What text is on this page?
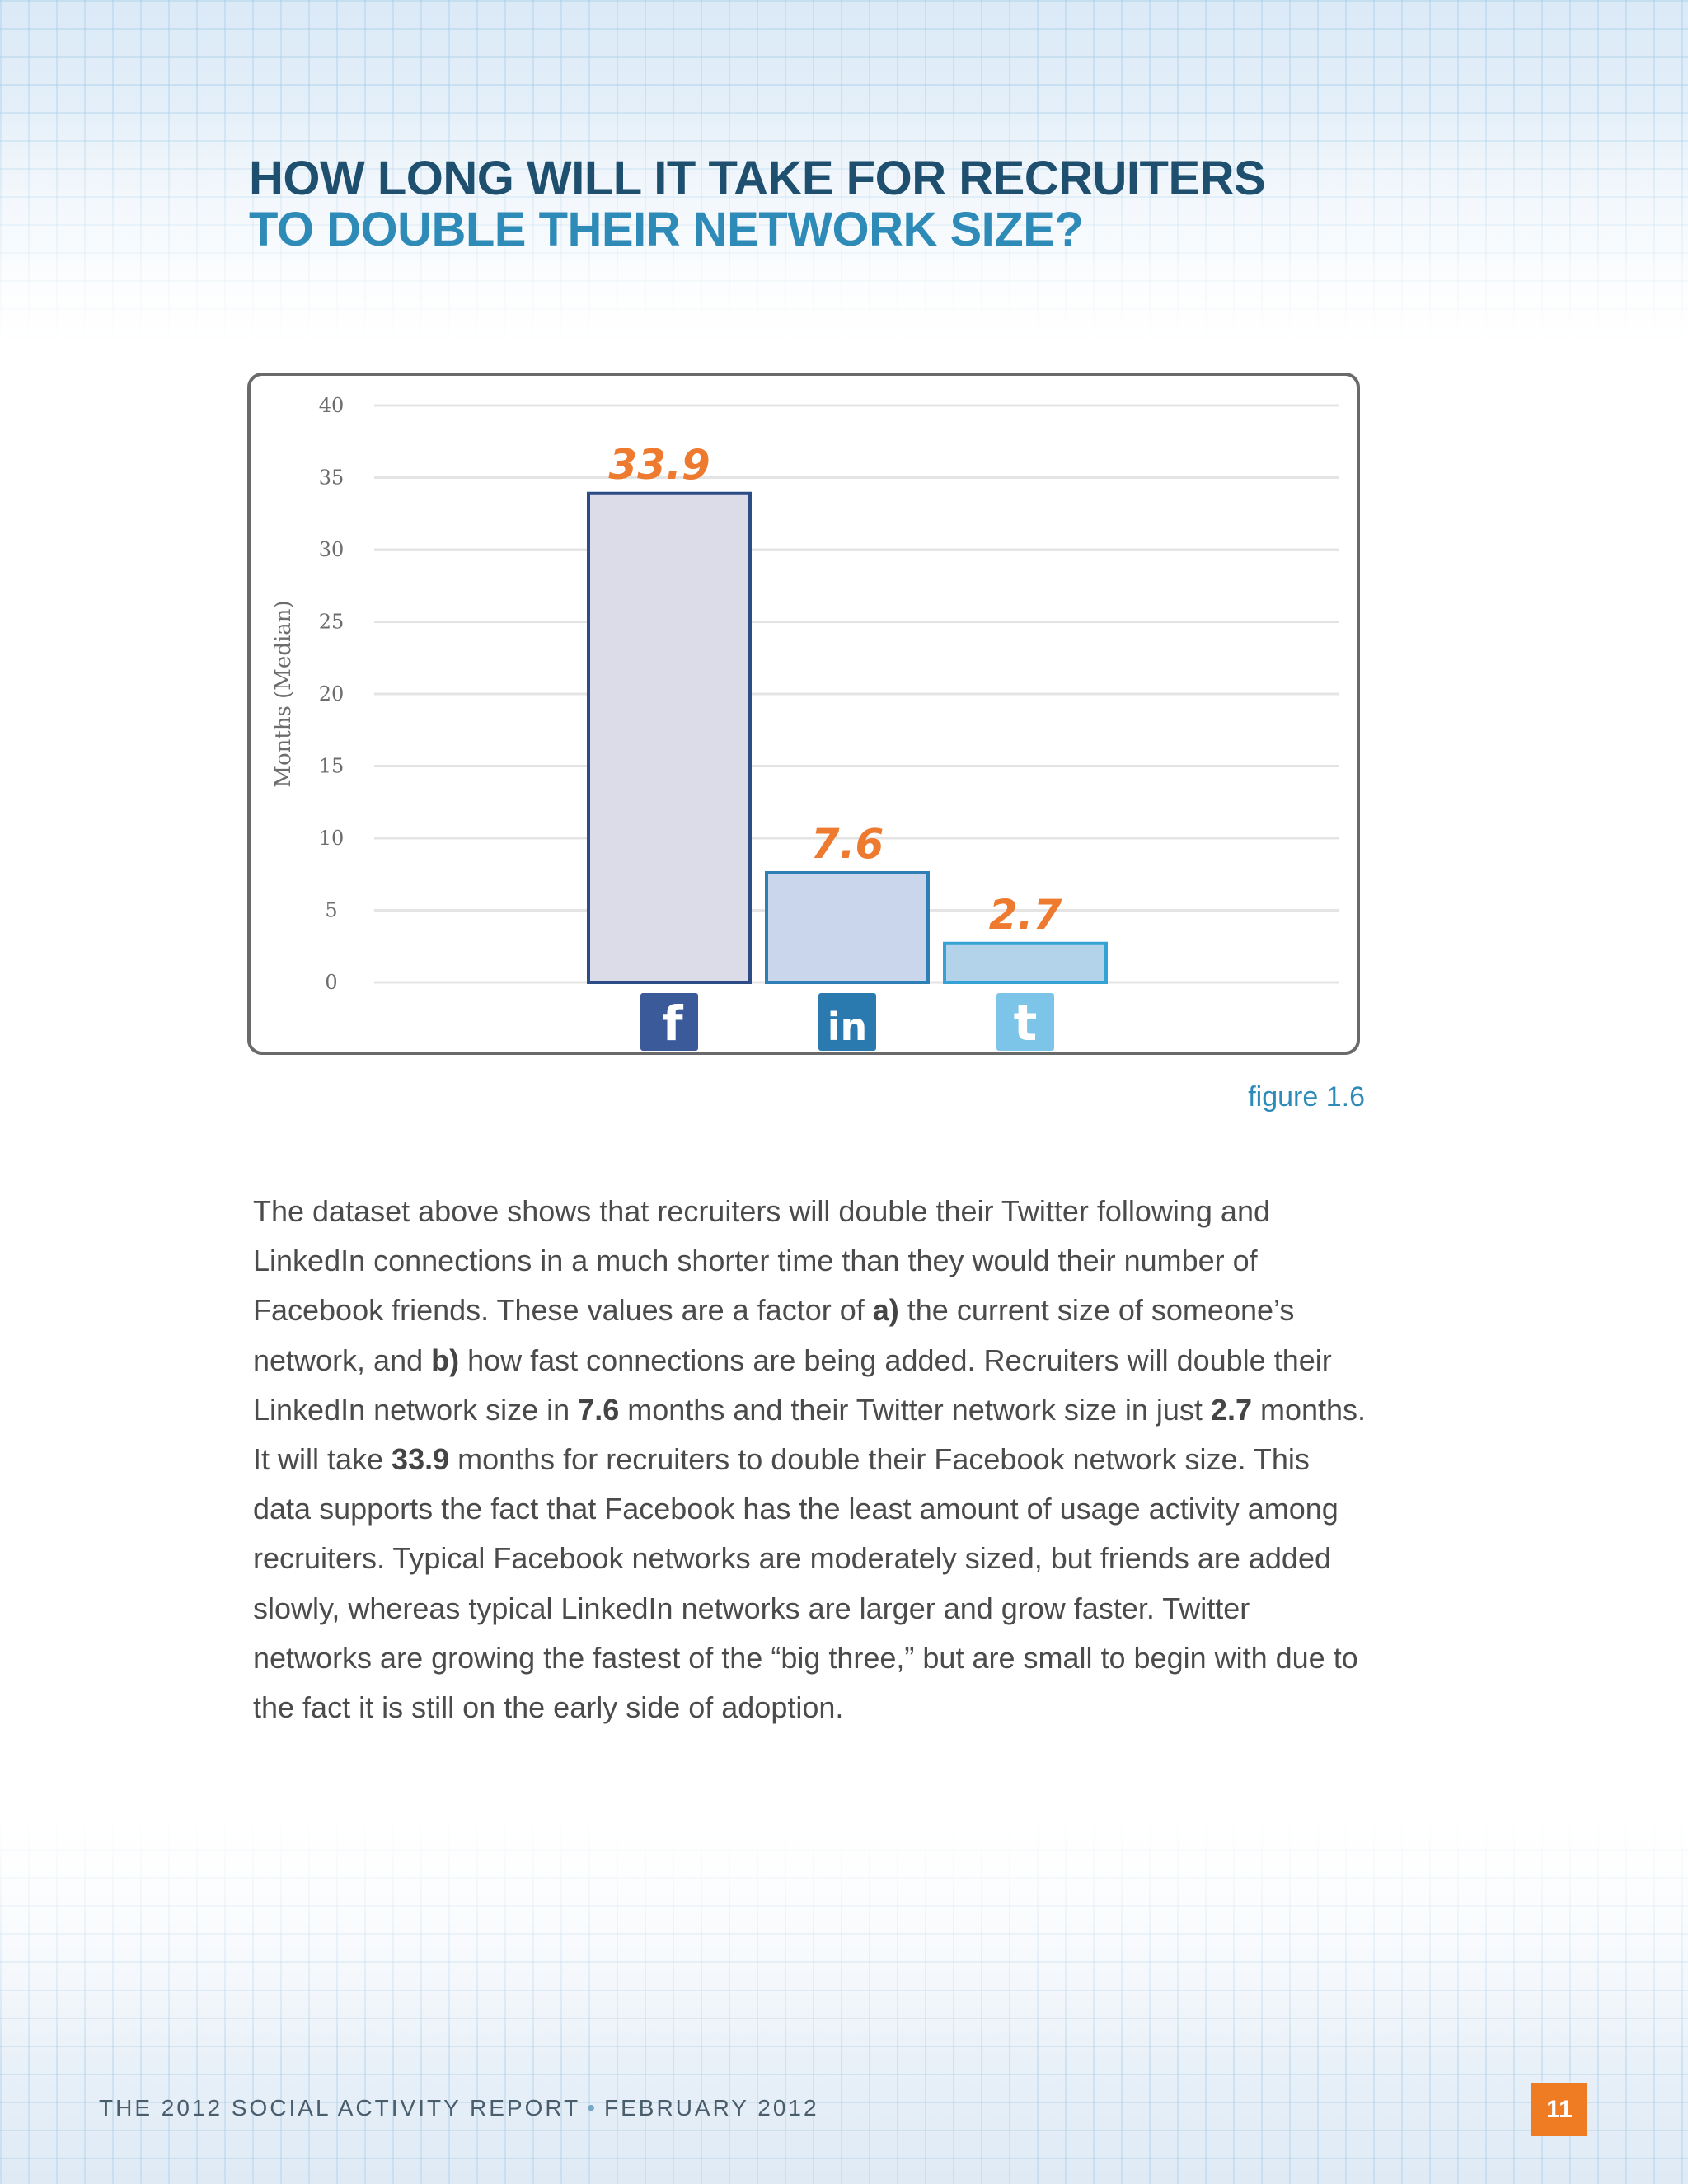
HOW LONG WILL IT TAKE FOR RECRUITERS
TO DOUBLE THEIR NETWORK SIZE?
0
5
10
15
20
25
30
35
40
Months (Median)
33.9
7.6
2.7
f	in	t
figure 1.6
The dataset above shows that recruiters will double their Twitter following and LinkedIn connections in a much shorter time than they would their number of Facebook friends. These values are a factor of a) the current size of someone’s network, and b) how fast connections are being added. Recruiters will double their LinkedIn network size in 7.6 months and their Twitter network size in just 2.7 months. It will take 33.9 months for recruiters to double their Facebook network size. This data supports the fact that Facebook has the least amount of usage activity among recruiters. Typical Facebook networks are moderately sized, but friends are added slowly, whereas typical LinkedIn networks are larger and grow faster. Twitter networks are growing the fastest of the “big three,” but are small to begin with due to the fact it is still on the early side of adoption.
THE 2012 SOCIAL ACTIVITY REPORT • FEBRUARY 2012	11
